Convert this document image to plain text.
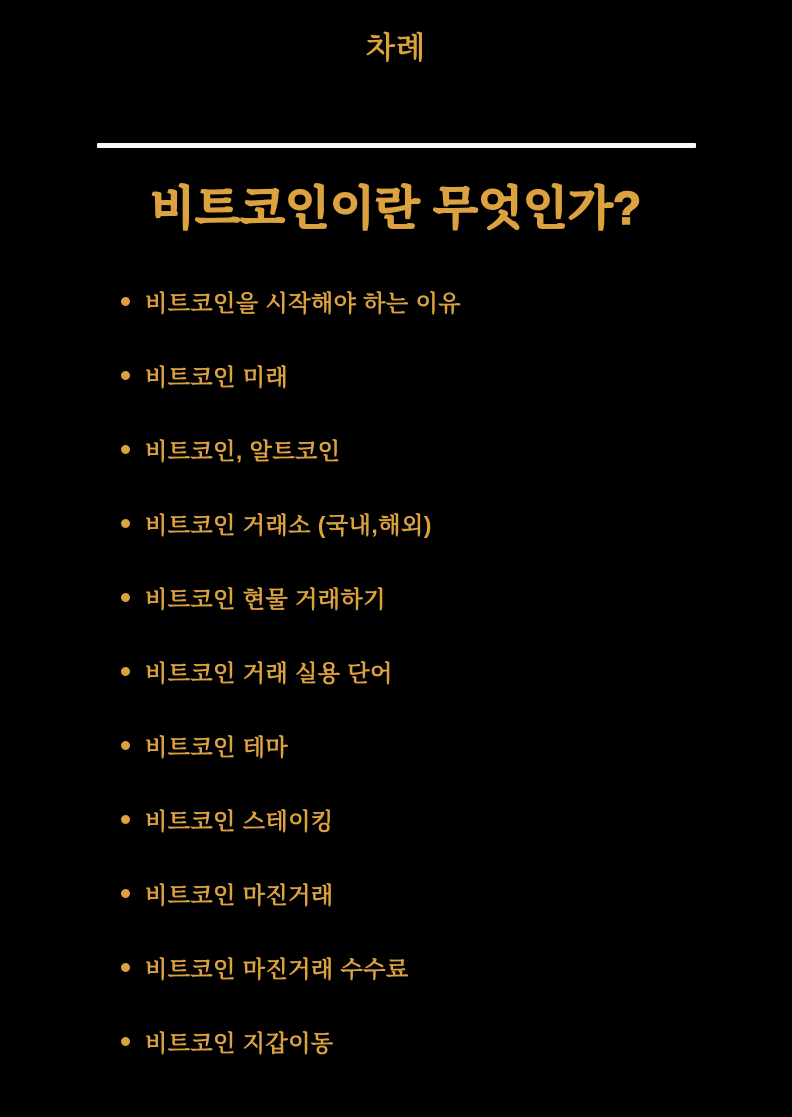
차례
비트코인이란 무엇인가?
비트코인을 시작해야 하는 이유
비트코인 미래
비트코인, 알트코인
비트코인 거래소 (국내,해외)
비트코인 현물 거래하기
비트코인 거래 실용 단어
비트코인 테마
비트코인 스테이킹
비트코인 마진거래
비트코인 마진거래 수수료
비트코인 지갑이동
